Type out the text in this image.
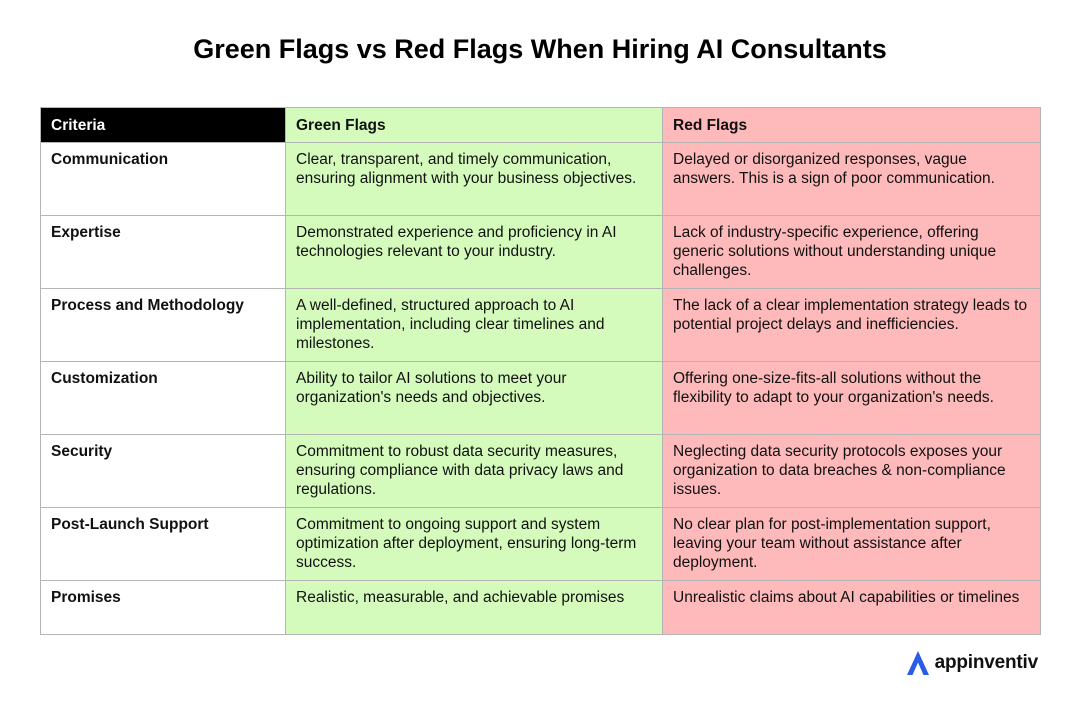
Green Flags vs Red Flags When Hiring AI Consultants
Criteria	Green Flags	Red Flags
Communication	Clear, transparent, and timely communication, ensuring alignment with your business objectives.	Delayed or disorganized responses, vague answers. This is a sign of poor communication.
Expertise	Demonstrated experience and proficiency in AI technologies relevant to your industry.	Lack of industry-specific experience, offering generic solutions without understanding unique challenges.
Process and Methodology	A well-defined, structured approach to AI implementation, including clear timelines and milestones.	The lack of a clear implementation strategy leads to potential project delays and inefficiencies.
Customization	Ability to tailor AI solutions to meet your organization's needs and objectives.	Offering one-size-fits-all solutions without the flexibility to adapt to your organization's needs.
Security	Commitment to robust data security measures, ensuring compliance with data privacy laws and regulations.	Neglecting data security protocols exposes your organization to data breaches & non-compliance issues.
Post-Launch Support	Commitment to ongoing support and system optimization after deployment, ensuring long-term success.	No clear plan for post-implementation support, leaving your team without assistance after deployment.
Promises	Realistic, measurable, and achievable promises	Unrealistic claims about AI capabilities or timelines
appinventiv
